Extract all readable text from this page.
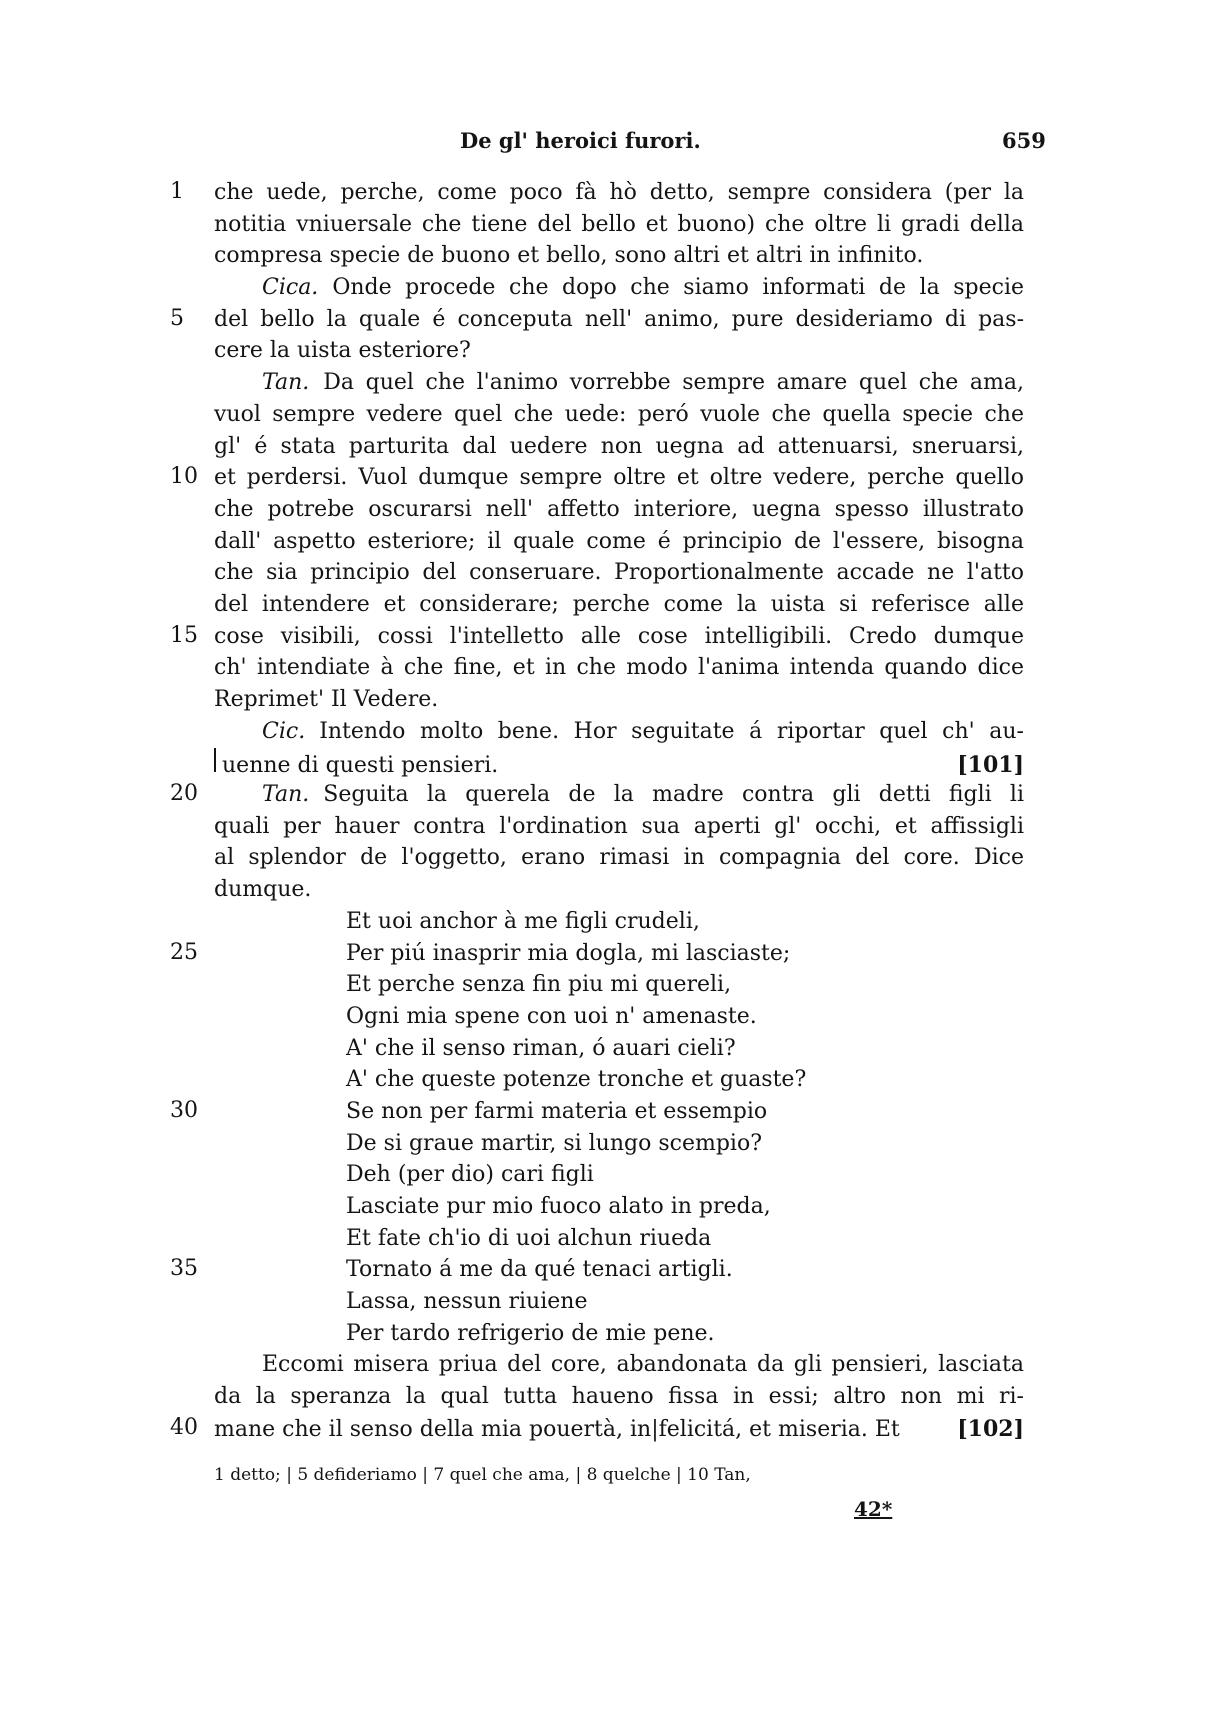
De gl' heroici furori.	659
1	che uede, perche, come poco fà hò detto, sempre considera (per la
notitia vniuersale che tiene del bello et buono) che oltre li gradi della
compresa specie de buono et bello, sono altri et altri in infinito.
Cica. Onde procede che dopo che siamo informati de la specie
5	del bello la quale é conceputa nell' animo, pure desideriamo di pas-
cere la uista esteriore?
Tan. Da quel che l'animo vorrebbe sempre amare quel che ama,
vuol sempre vedere quel che uede: peró vuole che quella specie che
gl' é stata parturita dal uedere non uegna ad attenuarsi, sneruarsi,
10 et perdersi. Vuol dumque sempre oltre et oltre vedere, perche quello
che potrebe oscurarsi nell' affetto interiore, uegna spesso illustrato
dall' aspetto esteriore; il quale come é principio de l'essere, bisogna
che sia principio del conseruare. Proportionalmente accade ne l'atto
del intendere et considerare; perche come la uista si referisce alle
15 cose visibili, cossi l'intelletto alle cose intelligibili. Credo dumque
ch' intendiate à che fine, et in che modo l'anima intenda quando dice
Reprimet' Il Vedere.
Cic. Intendo molto bene. Hor seguitate á riportar quel ch' au-
uenne di questi pensieri.	[101]
20	Tan. Seguita la querela de la madre contra gli detti figli li
quali per hauer contra l'ordination sua aperti gl' occhi, et affissigli
al splendor de l'oggetto, erano rimasi in compagnia del core. Dice
dumque.
Et uoi anchor à me figli crudeli,
25	Per piú inasprir mia dogla, mi lasciaste;
Et perche senza fin piu mi quereli,
Ogni mia spene con uoi n' amenaste.
A' che il senso riman, ó auari cieli?
A' che queste potenze tronche et guaste?
30	Se non per farmi materia et essempio
De si graue martir, si lungo scempio?
Deh (per dio) cari figli
Lasciate pur mio fuoco alato in preda,
Et fate ch'io di uoi alchun riueda
35	Tornato á me da qué tenaci artigli.
Lassa, nessun riuiene
Per tardo refrigerio de mie pene.
Eccomi misera priua del core, abandonata da gli pensieri, lasciata
da la speranza la qual tutta haueno fissa in essi; altro non mi ri-
40 mane che il senso della mia pouertà, in|felicitá, et miseria. Et	[102]
1 detto; | 5 defideriamo | 7 quel che ama, | 8 quelche | 10 Tan,
42*
